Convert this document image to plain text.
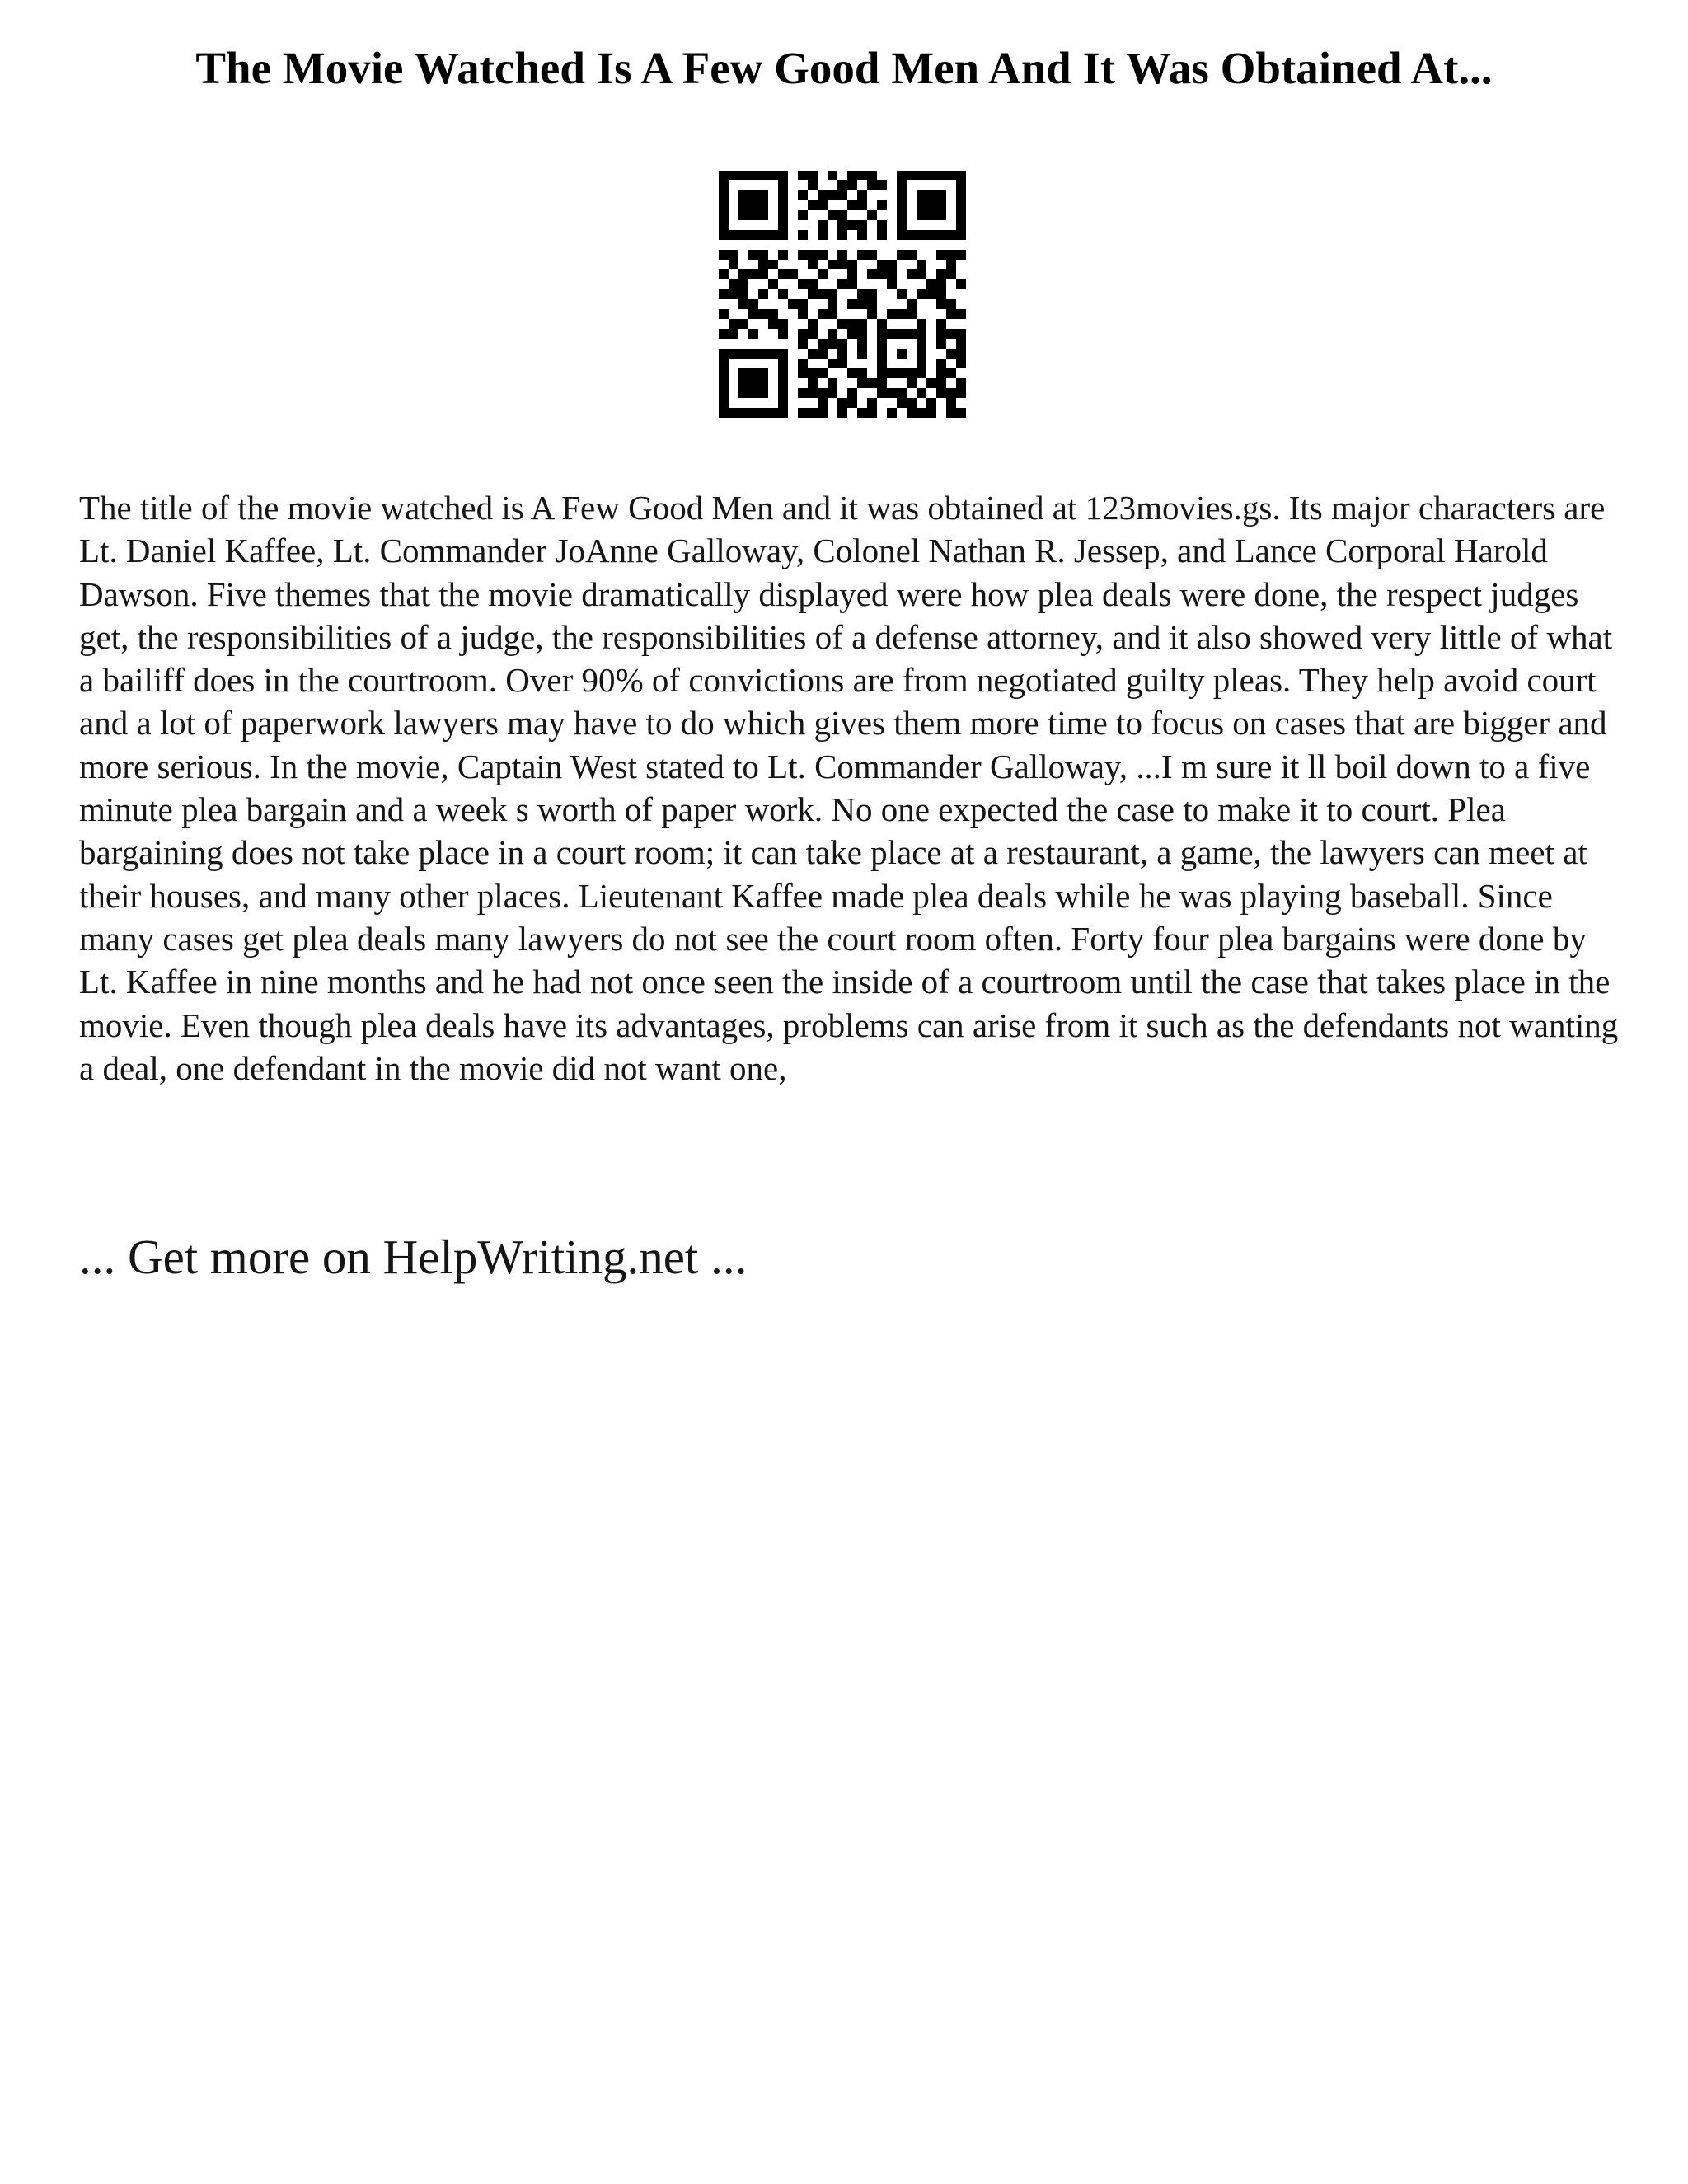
The Movie Watched Is A Few Good Men And It Was Obtained At...

The title of the movie watched is A Few Good Men and it was obtained at 123movies.gs. Its major characters are Lt. Daniel Kaffee, Lt. Commander JoAnne Galloway, Colonel Nathan R. Jessep, and Lance Corporal Harold Dawson. Five themes that the movie dramatically displayed were how plea deals were done, the respect judges get, the responsibilities of a judge, the responsibilities of a defense attorney, and it also showed very little of what a bailiff does in the courtroom. Over 90% of convictions are from negotiated guilty pleas. They help avoid court and a lot of paperwork lawyers may have to do which gives them more time to focus on cases that are bigger and more serious. In the movie, Captain West stated to Lt. Commander Galloway, ...I m sure it ll boil down to a five minute plea bargain and a week s worth of paper work. No one expected the case to make it to court. Plea bargaining does not take place in a court room; it can take place at a restaurant, a game, the lawyers can meet at their houses, and many other places. Lieutenant Kaffee made plea deals while he was playing baseball. Since many cases get plea deals many lawyers do not see the court room often. Forty four plea bargains were done by Lt. Kaffee in nine months and he had not once seen the inside of a courtroom until the case that takes place in the movie. Even though plea deals have its advantages, problems can arise from it such as the defendants not wanting a deal, one defendant in the movie did not want one,

... Get more on HelpWriting.net ...
